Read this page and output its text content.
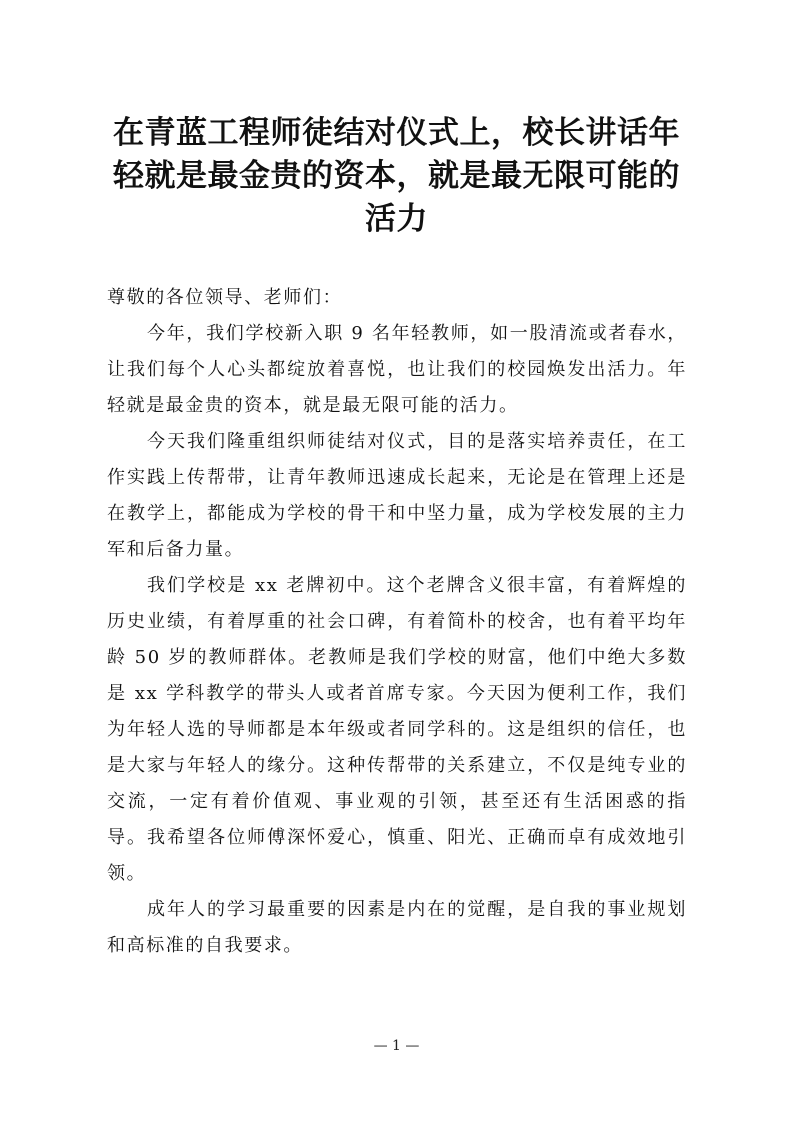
在青蓝工程师徒结对仪式上，校长讲话年
轻就是最金贵的资本，就是最无限可能的
活力

尊敬的各位领导、老师们：

今年，我们学校新入职 9 名年轻教师，如一股清流或者春水，让我们每个人心头都绽放着喜悦，也让我们的校园焕发出活力。年轻就是最金贵的资本，就是最无限可能的活力。

今天我们隆重组织师徒结对仪式，目的是落实培养责任，在工作实践上传帮带，让青年教师迅速成长起来，无论是在管理上还是在教学上，都能成为学校的骨干和中坚力量，成为学校发展的主力军和后备力量。

我们学校是 xx 老牌初中。这个老牌含义很丰富，有着辉煌的历史业绩，有着厚重的社会口碑，有着简朴的校舍，也有着平均年龄 50 岁的教师群体。老教师是我们学校的财富，他们中绝大多数是 xx 学科教学的带头人或者首席专家。今天因为便利工作，我们为年轻人选的导师都是本年级或者同学科的。这是组织的信任，也是大家与年轻人的缘分。这种传帮带的关系建立，不仅是纯专业的交流，一定有着价值观、事业观的引领，甚至还有生活困惑的指导。我希望各位师傅深怀爱心，慎重、阳光、正确而卓有成效地引领。

成年人的学习最重要的因素是内在的觉醒，是自我的事业规划和高标准的自我要求。

— 1 —
